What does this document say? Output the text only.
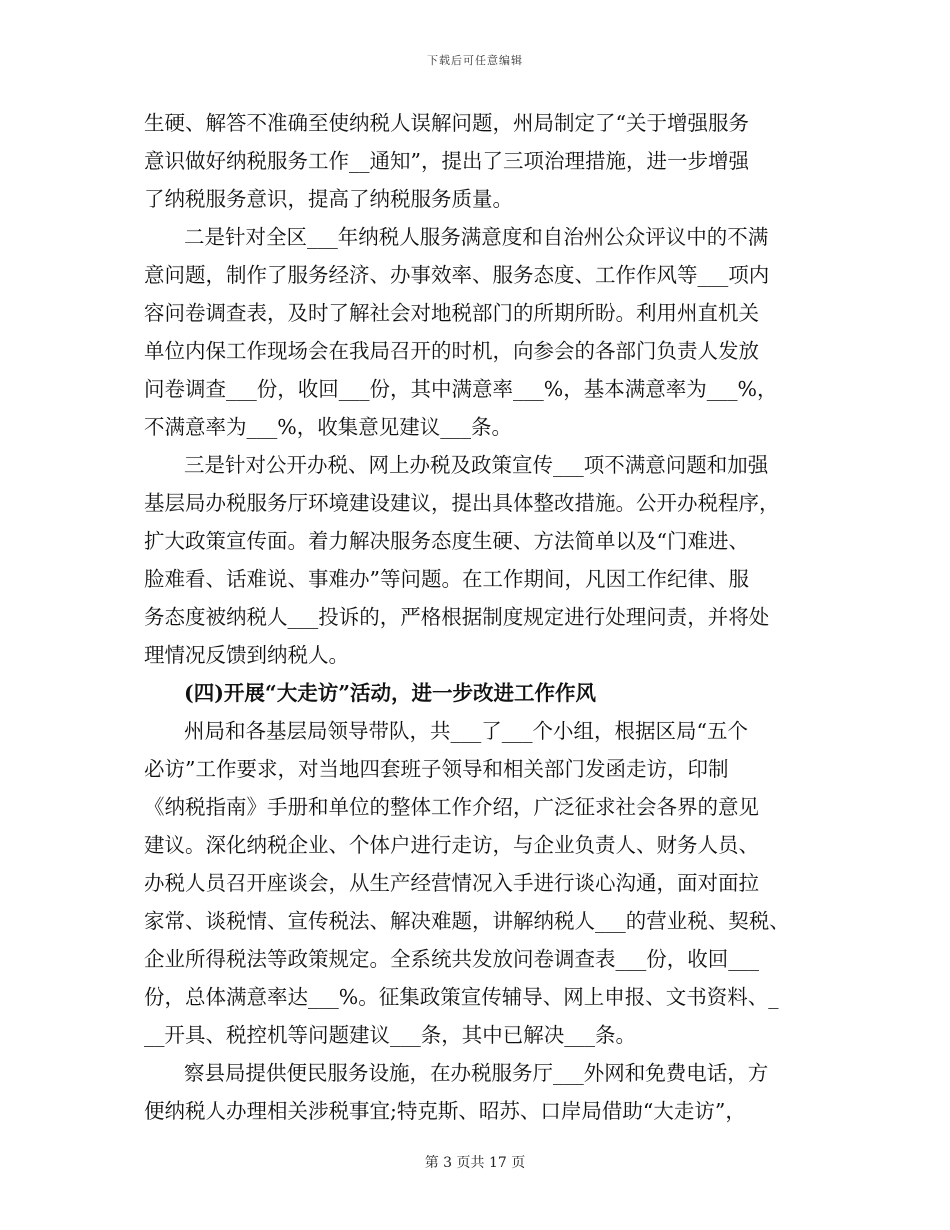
下载后可任意编辑
生硬、解答不准确至使纳税人误解问题，州局制定了“关于增强服务
意识做好纳税服务工作__通知”，提出了三项治理措施，进一步增强
了纳税服务意识，提高了纳税服务质量。
二是针对全区___年纳税人服务满意度和自治州公众评议中的不满
意问题，制作了服务经济、办事效率、服务态度、工作作风等___项内
容问卷调查表，及时了解社会对地税部门的所期所盼。利用州直机关
单位内保工作现场会在我局召开的时机，向参会的各部门负责人发放
问卷调查___份，收回___份，其中满意率___%，基本满意率为___%，
不满意率为___%，收集意见建议___条。
三是针对公开办税、网上办税及政策宣传___项不满意问题和加强
基层局办税服务厅环境建设建议，提出具体整改措施。公开办税程序，
扩大政策宣传面。着力解决服务态度生硬、方法简单以及“门难进、
脸难看、话难说、事难办”等问题。在工作期间，凡因工作纪律、服
务态度被纳税人___投诉的，严格根据制度规定进行处理问责，并将处
理情况反馈到纳税人。
(四)开展“大走访”活动，进一步改进工作作风
州局和各基层局领导带队，共___了___个小组，根据区局“五个
必访”工作要求，对当地四套班子领导和相关部门发函走访，印制
《纳税指南》手册和单位的整体工作介绍，广泛征求社会各界的意见
建议。深化纳税企业、个体户进行走访，与企业负责人、财务人员、
办税人员召开座谈会，从生产经营情况入手进行谈心沟通，面对面拉
家常、谈税情、宣传税法、解决难题，讲解纳税人___的营业税、契税、
企业所得税法等政策规定。全系统共发放问卷调查表___份，收回___
份，总体满意率达___%。征集政策宣传辅导、网上申报、文书资料、_
__开具、税控机等问题建议___条，其中已解决___条。
察县局提供便民服务设施，在办税服务厅___外网和免费电话，方
便纳税人办理相关涉税事宜;特克斯、昭苏、口岸局借助“大走访”，
第 3 页共 17 页
